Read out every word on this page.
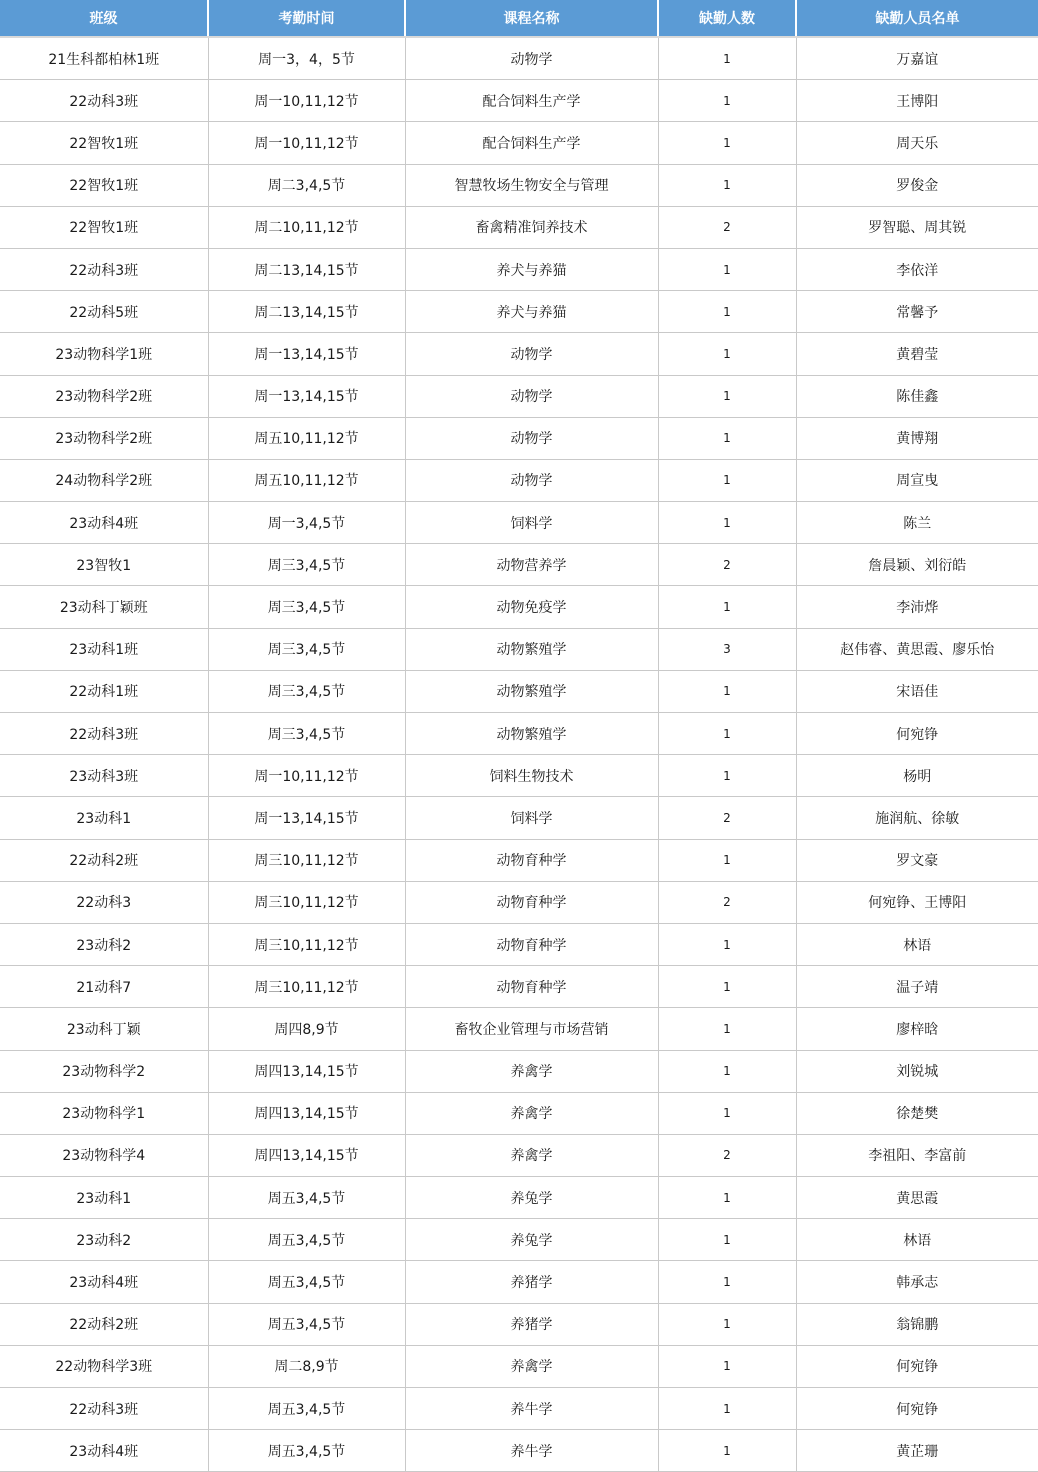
班级	考勤时间	课程名称	缺勤人数	缺勤人员名单
21生科都柏林1班	周一3，4，5节	动物学	1	万嘉谊
22动科3班	周一10,11,12节	配合饲料生产学	1	王博阳
22智牧1班	周一10,11,12节	配合饲料生产学	1	周天乐
22智牧1班	周二3,4,5节	智慧牧场生物安全与管理	1	罗俊金
22智牧1班	周二10,11,12节	畜禽精准饲养技术	2	罗智聪、周其锐
22动科3班	周二13,14,15节	养犬与养猫	1	李依洋
22动科5班	周二13,14,15节	养犬与养猫	1	常馨予
23动物科学1班	周一13,14,15节	动物学	1	黄碧莹
23动物科学2班	周一13,14,15节	动物学	1	陈佳鑫
23动物科学2班	周五10,11,12节	动物学	1	黄博翔
24动物科学2班	周五10,11,12节	动物学	1	周宣曳
23动科4班	周一3,4,5节	饲料学	1	陈兰
23智牧1	周三3,4,5节	动物营养学	2	詹晨颖、刘衍皓
23动科丁颖班	周三3,4,5节	动物免疫学	1	李沛烨
23动科1班	周三3,4,5节	动物繁殖学	3	赵伟睿、黄思霞、廖乐怡
22动科1班	周三3,4,5节	动物繁殖学	1	宋语佳
22动科3班	周三3,4,5节	动物繁殖学	1	何宛铮
23动科3班	周一10,11,12节	饲料生物技术	1	杨明
23动科1	周一13,14,15节	饲料学	2	施润航、徐敏
22动科2班	周三10,11,12节	动物育种学	1	罗文豪
22动科3	周三10,11,12节	动物育种学	2	何宛铮、王博阳
23动科2	周三10,11,12节	动物育种学	1	林语
21动科7	周三10,11,12节	动物育种学	1	温子靖
23动科丁颖	周四8,9节	畜牧企业管理与市场营销	1	廖梓晗
23动物科学2	周四13,14,15节	养禽学	1	刘锐城
23动物科学1	周四13,14,15节	养禽学	1	徐楚樊
23动物科学4	周四13,14,15节	养禽学	2	李祖阳、李富前
23动科1	周五3,4,5节	养兔学	1	黄思霞
23动科2	周五3,4,5节	养兔学	1	林语
23动科4班	周五3,4,5节	养猪学	1	韩承志
22动科2班	周五3,4,5节	养猪学	1	翁锦鹏
22动物科学3班	周二8,9节	养禽学	1	何宛铮
22动科3班	周五3,4,5节	养牛学	1	何宛铮
23动科4班	周五3,4,5节	养牛学	1	黄芷珊
